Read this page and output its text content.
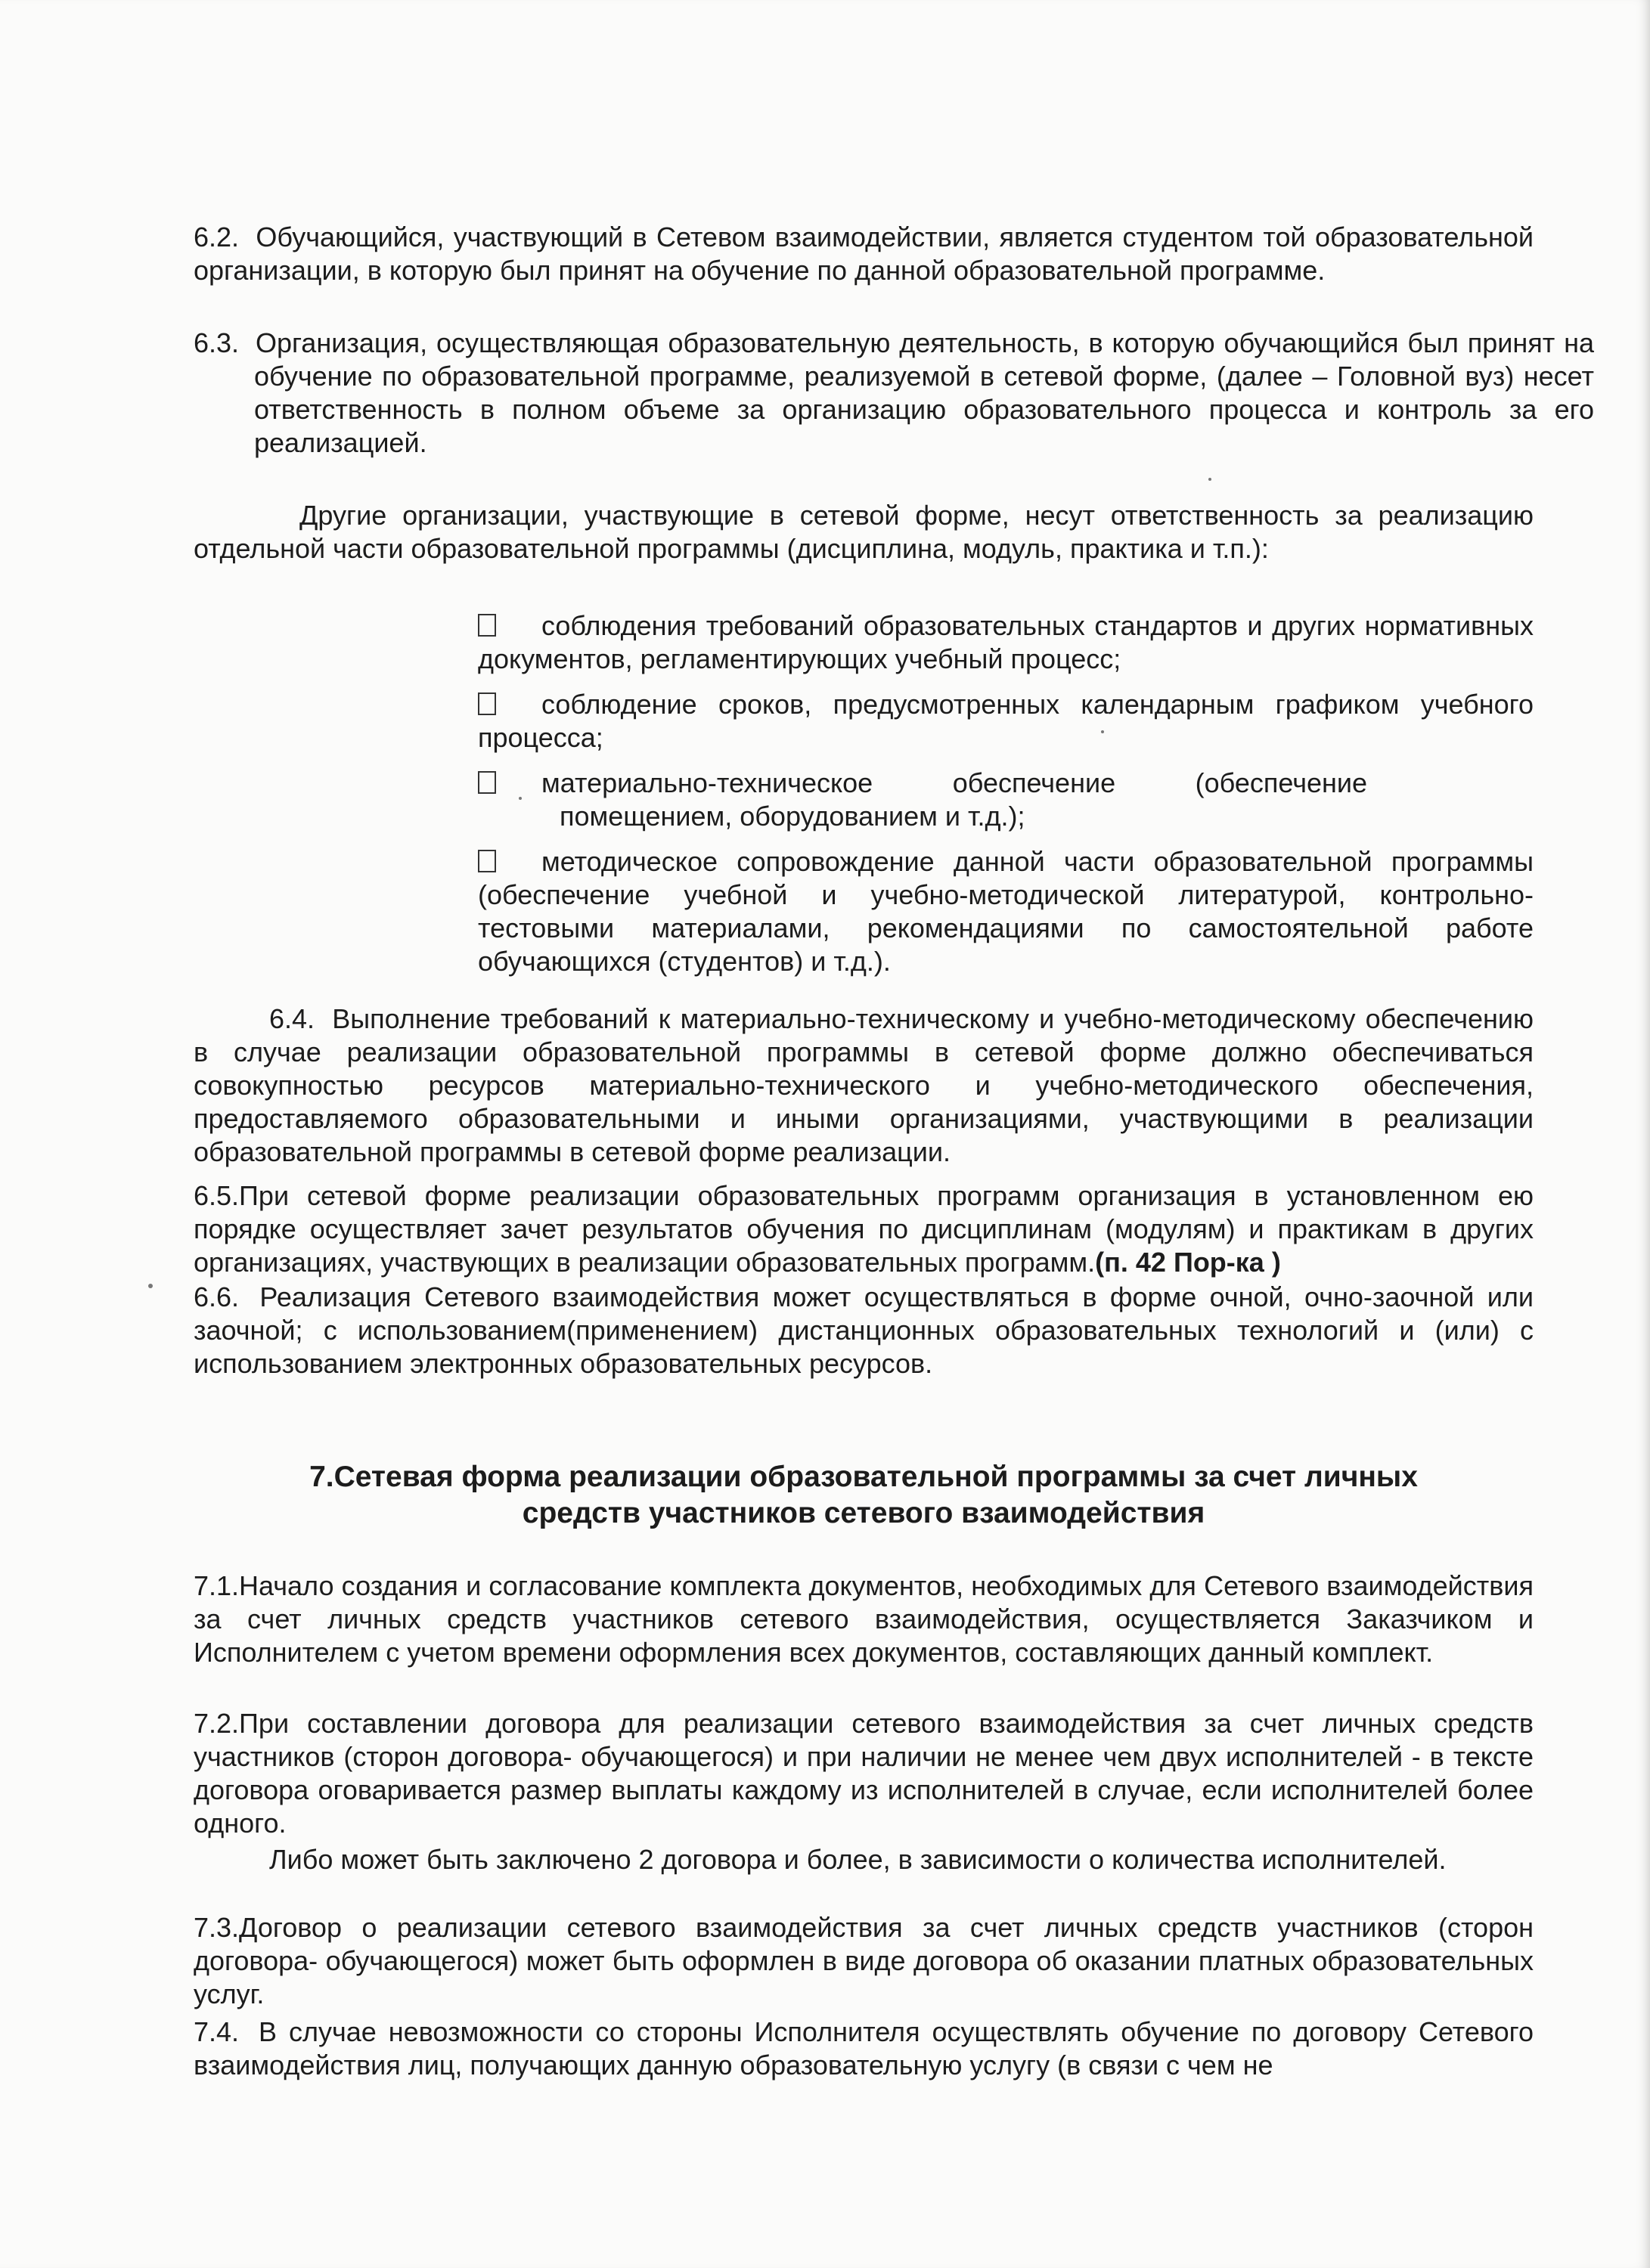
6.2. Обучающийся, участвующий в Сетевом взаимодействии, является студентом той образовательной организации, в которую был принят на обучение по данной образовательной программе.
6.3. Организация, осуществляющая образовательную деятельность, в которую обучающийся был принят на обучение по образовательной программе, реализуемой в сетевой форме, (далее – Головной вуз) несет ответственность в полном объеме за организацию образовательного процесса и контроль за его реализацией.
Другие организации, участвующие в сетевой форме, несут ответственность за реализацию отдельной части образовательной программы (дисциплина, модуль, практика и т.п.):
соблюдения требований образовательных стандартов и других нормативных документов, регламентирующих учебный процесс;
соблюдение сроков, предусмотренных календарным графиком учебного процесса;
материально-техническое обеспечение (обеспечение помещением, оборудованием и т.д.);
методическое сопровождение данной части образовательной программы (обеспечение учебной и учебно-методической литературой, контрольно-тестовыми материалами, рекомендациями по самостоятельной работе обучающихся (студентов) и т.д.).
6.4. Выполнение требований к материально-техническому и учебно-методическому обеспечению в случае реализации образовательной программы в сетевой форме должно обеспечиваться совокупностью ресурсов материально-технического и учебно-методического обеспечения, предоставляемого образовательными и иными организациями, участвующими в реализации образовательной программы в сетевой форме реализации.
6.5.При сетевой форме реализации образовательных программ организация в установленном ею порядке осуществляет зачет результатов обучения по дисциплинам (модулям) и практикам в других организациях, участвующих в реализации образовательных программ.(п. 42 Пор-ка )
6.6. Реализация Сетевого взаимодействия может осуществляться в форме очной, очно-заочной или заочной; с использованием(применением) дистанционных образовательных технологий и (или) с использованием электронных образовательных ресурсов.
7.Сетевая форма реализации образовательной программы за счет личных
средств участников сетевого взаимодействия
7.1.Начало создания и согласование комплекта документов, необходимых для Сетевого взаимодействия за счет личных средств участников сетевого взаимодействия, осуществляется Заказчиком и Исполнителем с учетом времени оформления всех документов, составляющих данный комплект.
7.2.При составлении договора для реализации сетевого взаимодействия за счет личных средств участников (сторон договора- обучающегося) и при наличии не менее чем двух исполнителей - в тексте договора оговаривается размер выплаты каждому из исполнителей в случае, если исполнителей более одного.
Либо может быть заключено 2 договора и более, в зависимости о количества исполнителей.
7.3.Договор о реализации сетевого взаимодействия за счет личных средств участников (сторон договора- обучающегося) может быть оформлен в виде договора об оказании платных образовательных услуг.
7.4. В случае невозможности со стороны Исполнителя осуществлять обучение по договору Сетевого взаимодействия лиц, получающих данную образовательную услугу (в связи с чем не
